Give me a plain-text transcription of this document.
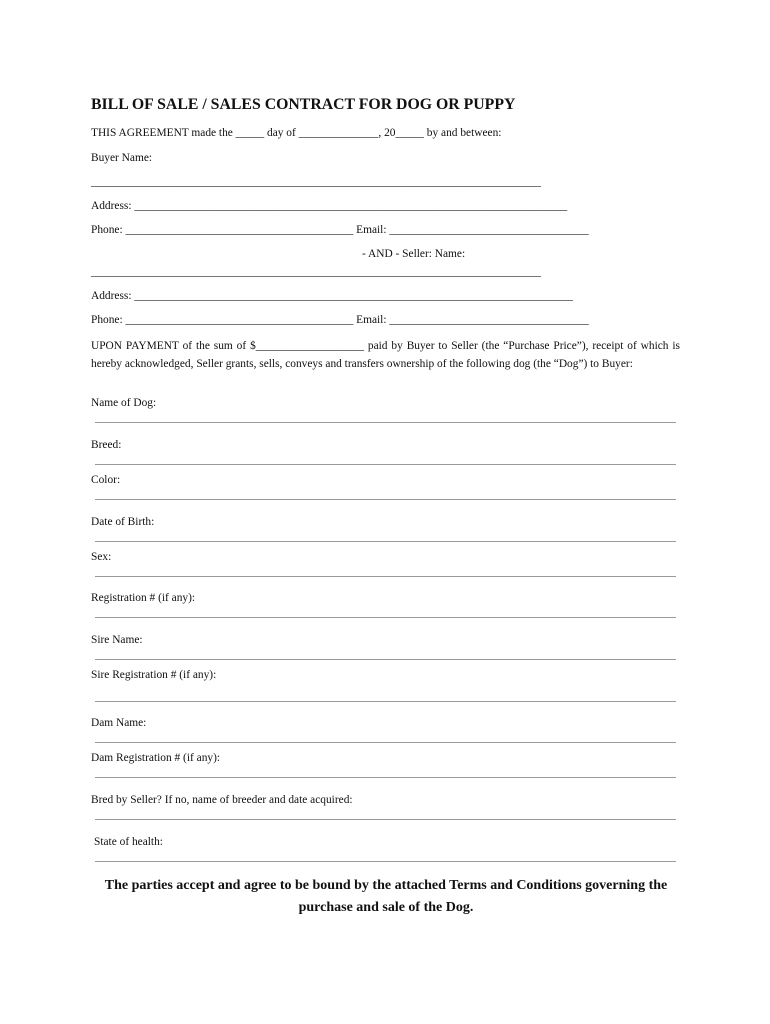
BILL OF SALE / SALES CONTRACT FOR DOG OR PUPPY
THIS AGREEMENT made the _____ day of ______________, 20_____ by and between:
Buyer Name:
_______________________________________________________________________________
Address: ____________________________________________________________________________
Phone: ________________________________________ Email: ___________________________________
- AND - Seller: Name:
_______________________________________________________________________________
Address: _____________________________________________________________________________
Phone: ________________________________________ Email: ___________________________________
UPON PAYMENT of the sum of $___________________ paid by Buyer to Seller (the “Purchase Price”), receipt of which is hereby acknowledged, Seller grants, sells, conveys and transfers ownership of the following dog (the “Dog”) to Buyer:
Name of Dog:
Breed:
Color:
Date of Birth:
Sex:
Registration # (if any):
Sire Name:
Sire Registration # (if any):
Dam Name:
Dam Registration # (if any):
Bred by Seller? If no, name of breeder and date acquired:
State of health:
The parties accept and agree to be bound by the attached Terms and Conditions governing the purchase and sale of the Dog.
